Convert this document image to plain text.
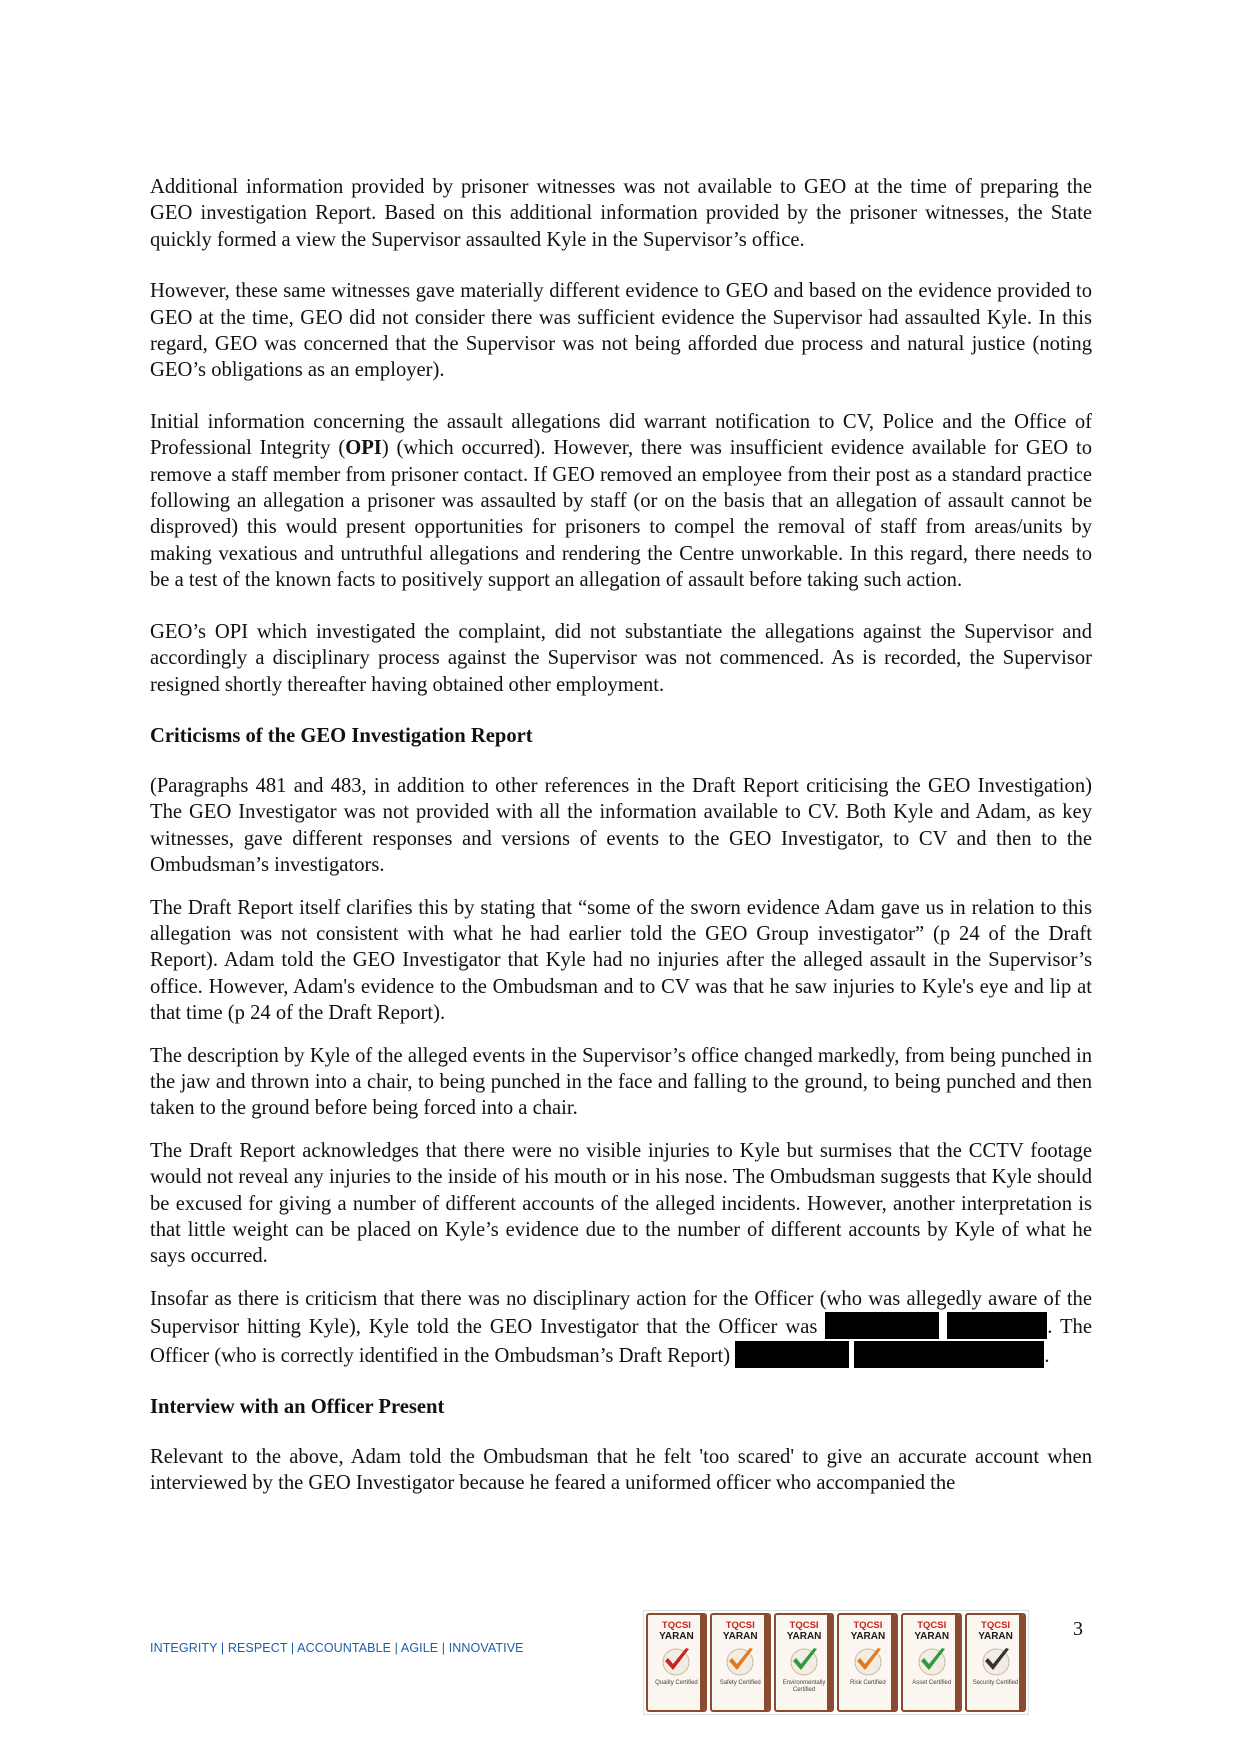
Additional information provided by prisoner witnesses was not available to GEO at the time of preparing the GEO investigation Report. Based on this additional information provided by the prisoner witnesses, the State quickly formed a view the Supervisor assaulted Kyle in the Supervisor’s office.

However, these same witnesses gave materially different evidence to GEO and based on the evidence provided to GEO at the time, GEO did not consider there was sufficient evidence the Supervisor had assaulted Kyle. In this regard, GEO was concerned that the Supervisor was not being afforded due process and natural justice (noting GEO’s obligations as an employer).

Initial information concerning the assault allegations did warrant notification to CV, Police and the Office of Professional Integrity (OPI) (which occurred). However, there was insufficient evidence available for GEO to remove a staff member from prisoner contact. If GEO removed an employee from their post as a standard practice following an allegation a prisoner was assaulted by staff (or on the basis that an allegation of assault cannot be disproved) this would present opportunities for prisoners to compel the removal of staff from areas/units by making vexatious and untruthful allegations and rendering the Centre unworkable. In this regard, there needs to be a test of the known facts to positively support an allegation of assault before taking such action.

GEO’s OPI which investigated the complaint, did not substantiate the allegations against the Supervisor and accordingly a disciplinary process against the Supervisor was not commenced. As is recorded, the Supervisor resigned shortly thereafter having obtained other employment.

Criticisms of the GEO Investigation Report

(Paragraphs 481 and 483, in addition to other references in the Draft Report criticising the GEO Investigation) The GEO Investigator was not provided with all the information available to CV. Both Kyle and Adam, as key witnesses, gave different responses and versions of events to the GEO Investigator, to CV and then to the Ombudsman’s investigators.

The Draft Report itself clarifies this by stating that “some of the sworn evidence Adam gave us in relation to this allegation was not consistent with what he had earlier told the GEO Group investigator” (p 24 of the Draft Report). Adam told the GEO Investigator that Kyle had no injuries after the alleged assault in the Supervisor’s office. However, Adam's evidence to the Ombudsman and to CV was that he saw injuries to Kyle's eye and lip at that time (p 24 of the Draft Report).

The description by Kyle of the alleged events in the Supervisor’s office changed markedly, from being punched in the jaw and thrown into a chair, to being punched in the face and falling to the ground, to being punched and then taken to the ground before being forced into a chair.

The Draft Report acknowledges that there were no visible injuries to Kyle but surmises that the CCTV footage would not reveal any injuries to the inside of his mouth or in his nose. The Ombudsman suggests that Kyle should be excused for giving a number of different accounts of the alleged incidents. However, another interpretation is that little weight can be placed on Kyle’s evidence due to the number of different accounts by Kyle of what he says occurred.

Insofar as there is criticism that there was no disciplinary action for the Officer (who was allegedly aware of the Supervisor hitting Kyle), Kyle told the GEO Investigator that the Officer was	. The Officer (who is correctly identified in the Ombudsman’s Draft Report)	.

Interview with an Officer Present

Relevant to the above, Adam told the Ombudsman that he felt 'too scared' to give an accurate account when interviewed by the GEO Investigator because he feared a uniformed officer who accompanied the

INTEGRITY | RESPECT | ACCOUNTABLE | AGILE | INNOVATIVE
TQCSI
YARAN
Quality Certified
TQCSI
YARAN
Safety Certified
TQCSI
YARAN
Environmentally Certified
TQCSI
YARAN
Risk Certified
TQCSI
YARAN
Asset Certified
TQCSI
YARAN
Security Certified
3
